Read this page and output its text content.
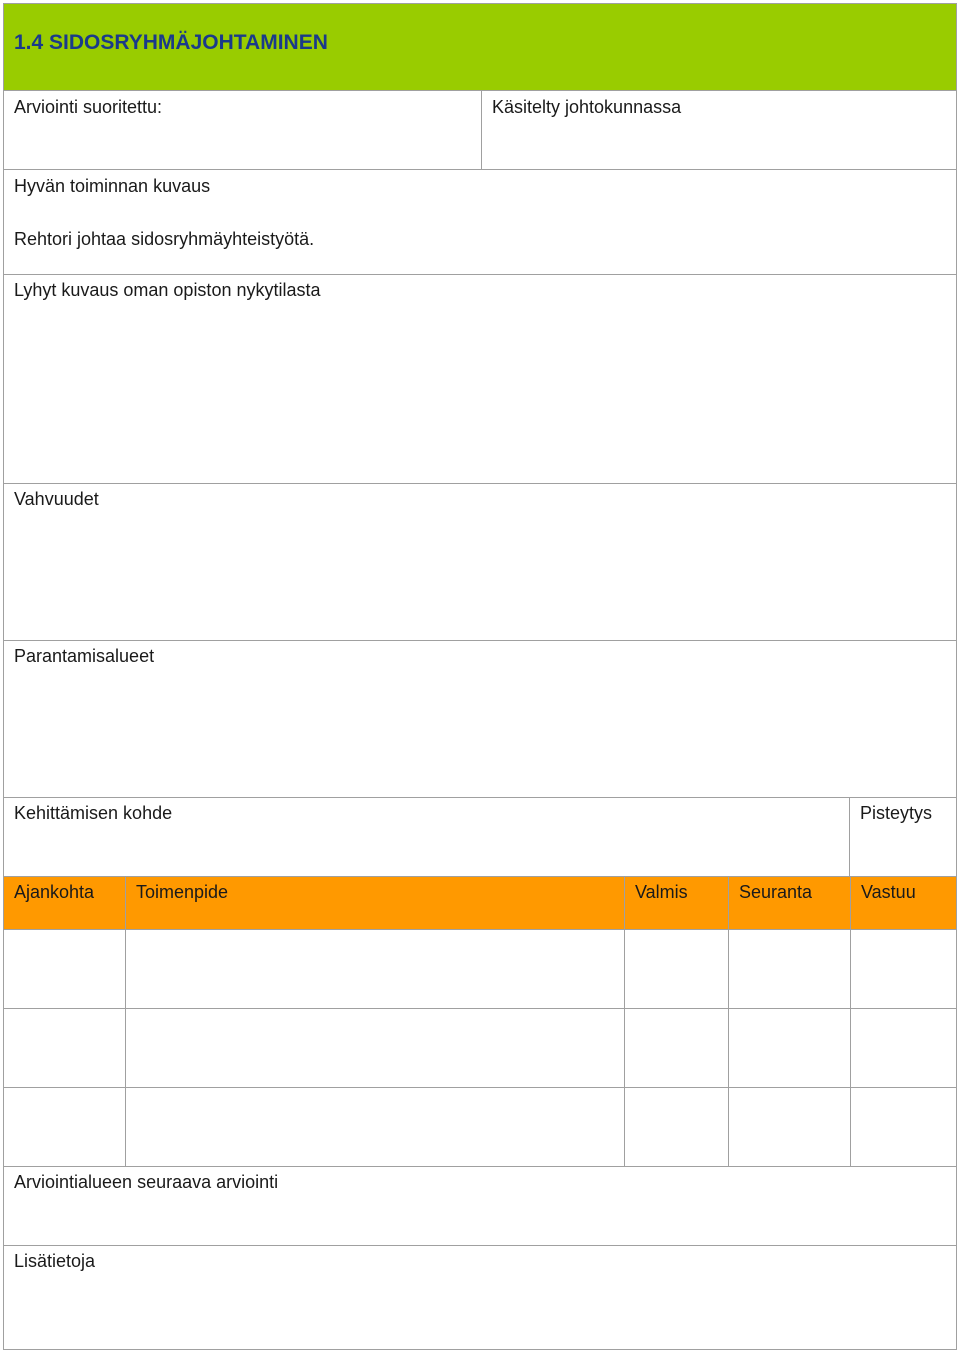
1.4 SIDOSRYHMÄJOHTAMINEN
Arviointi suoritettu:	Käsitelty johtokunnassa
Hyvän toiminnan kuvaus
Rehtori johtaa sidosryhmäyhteistyötä.
Lyhyt kuvaus oman opiston nykytilasta
Vahvuudet
Parantamisalueet
Kehittämisen kohde	Pisteytys
Ajankohta	Toimenpide	Valmis	Seuranta	Vastuu
Arviointialueen seuraava arviointi
Lisätietoja
